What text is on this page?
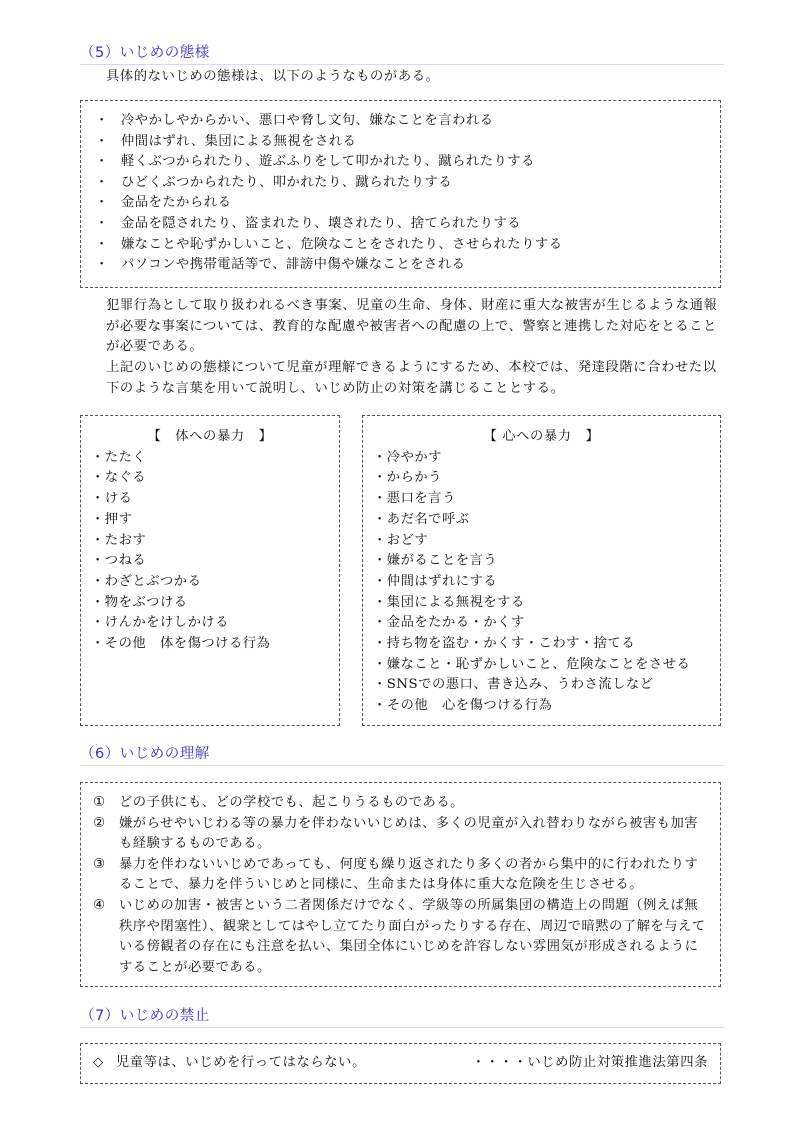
（5）いじめの態様
具体的ないじめの態様は、以下のようなものがある。
・ 冷やかしやからかい、悪口や脅し文句、嫌なことを言われる
・ 仲間はずれ、集団による無視をされる
・ 軽くぶつかられたり、遊ぶふりをして叩かれたり、蹴られたりする
・ ひどくぶつかられたり、叩かれたり、蹴られたりする
・ 金品をたかられる
・ 金品を隠されたり、盗まれたり、壊されたり、捨てられたりする
・ 嫌なことや恥ずかしいこと、危険なことをされたり、させられたりする
・ パソコンや携帯電話等で、誹謗中傷や嫌なことをされる
犯罪行為として取り扱われるべき事案、児童の生命、身体、財産に重大な被害が生じるような通報が必要な事案については、教育的な配慮や被害者への配慮の上で、警察と連携した対応をとることが必要である。
上記のいじめの態様について児童が理解できるようにするため、本校では、発達段階に合わせた以下のような言葉を用いて説明し、いじめ防止の対策を講じることとする。
【　体への暴力　】
・たたく
・なぐる
・ける
・押す
・たおす
・つねる
・わざとぶつかる
・物をぶつける
・けんかをけしかける
・その他　体を傷つける行為
【 心への暴力　】
・冷やかす
・からかう
・悪口を言う
・あだ名で呼ぶ
・おどす
・嫌がることを言う
・仲間はずれにする
・集団による無視をする
・金品をたかる・かくす
・持ち物を盗む・かくす・こわす・捨てる
・嫌なこと・恥ずかしいこと、危険なことをさせる
・SNSでの悪口、書き込み、うわさ流しなど
・その他　心を傷つける行為
（6）いじめの理解
① どの子供にも、どの学校でも、起こりうるものである。
② 嫌がらせやいじわる等の暴力を伴わないいじめは、多くの児童が入れ替わりながら被害も加害も経験するものである。
③ 暴力を伴わないいじめであっても、何度も繰り返されたり多くの者から集中的に行われたりすることで、暴力を伴ういじめと同様に、生命または身体に重大な危険を生じさせる。
④ いじめの加害・被害という二者関係だけでなく、学級等の所属集団の構造上の問題（例えば無秩序や閉塞性）、観衆としてはやし立てたり面白がったりする存在、周辺で暗黙の了解を与えている傍観者の存在にも注意を払い、集団全体にいじめを許容しない雰囲気が形成されるようにすることが必要である。
（7）いじめの禁止
◇ 児童等は、いじめを行ってはならない。	・・・・いじめ防止対策推進法第四条
